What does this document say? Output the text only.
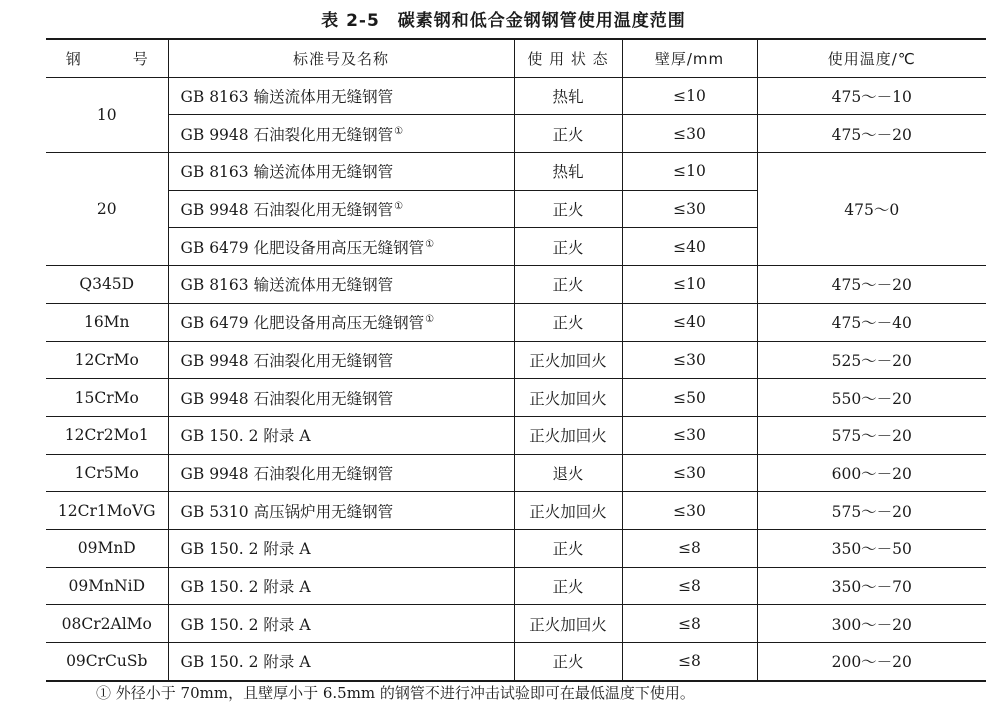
表 2-5　碳素钢和低合金钢钢管使用温度范围
钢 号	标准号及名称	使 用 状 态	壁厚/mm	使用温度/℃
10	GB 8163 输送流体用无缝钢管	热轧	≤10	475～－10
	GB 9948 石油裂化用无缝钢管①	正火	≤30	475～－20
20	GB 8163 输送流体用无缝钢管	热轧	≤10	475～0
	GB 9948 石油裂化用无缝钢管①	正火	≤30	
	GB 6479 化肥设备用高压无缝钢管①	正火	≤40	
Q345D	GB 8163 输送流体用无缝钢管	正火	≤10	475～－20
16Mn	GB 6479 化肥设备用高压无缝钢管①	正火	≤40	475～－40
12CrMo	GB 9948 石油裂化用无缝钢管	正火加回火	≤30	525～－20
15CrMo	GB 9948 石油裂化用无缝钢管	正火加回火	≤50	550～－20
12Cr2Mo1	GB 150. 2 附录 A	正火加回火	≤30	575～－20
1Cr5Mo	GB 9948 石油裂化用无缝钢管	退火	≤30	600～－20
12Cr1MoVG	GB 5310 高压锅炉用无缝钢管	正火加回火	≤30	575～－20
09MnD	GB 150. 2 附录 A	正火	≤8	350～－50
09MnNiD	GB 150. 2 附录 A	正火	≤8	350～－70
08Cr2AlMo	GB 150. 2 附录 A	正火加回火	≤8	300～－20
09CrCuSb	GB 150. 2 附录 A	正火	≤8	200～－20
① 外径小于 70mm，且壁厚小于 6.5mm 的钢管不进行冲击试验即可在最低温度下使用。
